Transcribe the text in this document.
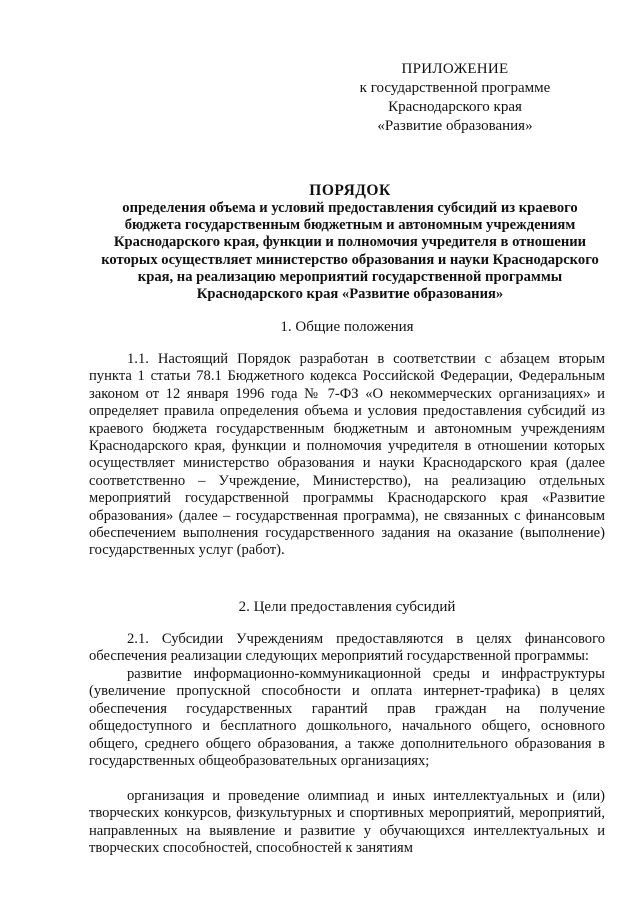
ПРИЛОЖЕНИЕ
к государственной программе
Краснодарского края
«Развитие образования»
ПОРЯДОК
определения объема и условий предоставления субсидий из краевого бюджета государственным бюджетным и автономным учреждениям Краснодарского края, функции и полномочия учредителя в отношении которых осуществляет министерство образования и науки Краснодарского края, на реализацию мероприятий государственной программы Краснодарского края «Развитие образования»
1. Общие положения
1.1. Настоящий Порядок разработан в соответствии с абзацем вторым пункта 1 статьи 78.1 Бюджетного кодекса Российской Федерации, Федеральным законом от 12 января 1996 года № 7-ФЗ «О некоммерческих организациях» и определяет правила определения объема и условия предоставления субсидий из краевого бюджета государственным бюджетным и автономным учреждениям Краснодарского края, функции и полномочия учредителя в отношении которых осуществляет министерство образования и науки Краснодарского края (далее соответственно – Учреждение, Министерство), на реализацию отдельных мероприятий государственной программы Краснодарского края «Развитие образования» (далее – государственная программа), не связанных с финансовым обеспечением выполнения государственного задания на оказание (выполнение) государственных услуг (работ).
2. Цели предоставления субсидий
2.1. Субсидии Учреждениям предоставляются в целях финансового обеспечения реализации следующих мероприятий государственной программы:
развитие информационно-коммуникационной среды и инфраструктуры (увеличение пропускной способности и оплата интернет-трафика) в целях обеспечения государственных гарантий прав граждан на получение общедоступного и бесплатного дошкольного, начального общего, основного общего, среднего общего образования, а также дополнительного образования в государственных общеобразовательных организациях;
организация и проведение олимпиад и иных интеллектуальных и (или) творческих конкурсов, физкультурных и спортивных мероприятий, мероприятий, направленных на выявление и развитие у обучающихся интеллектуальных и творческих способностей, способностей к занятиям
